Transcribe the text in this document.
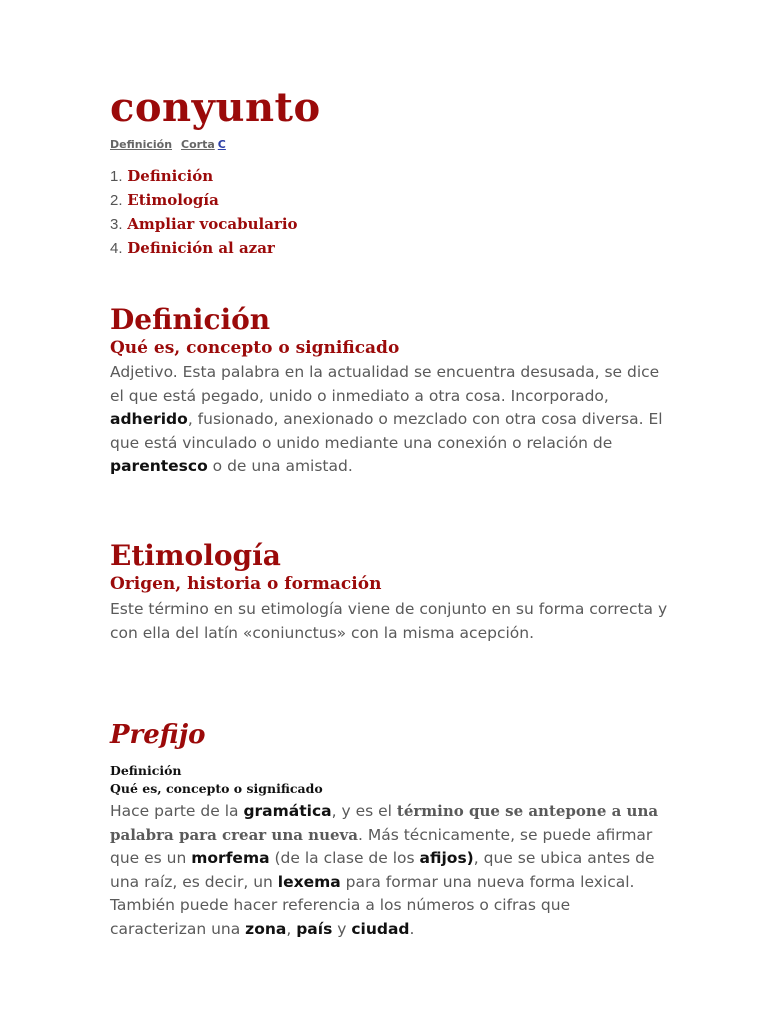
conyunto
Definición Corta C
1. Definición
2. Etimología
3. Ampliar vocabulario
4. Definición al azar
Definición
Qué es, concepto o significado

Adjetivo. Esta palabra en la actualidad se encuentra desusada, se dice el que está pegado, unido o inmediato a otra cosa. Incorporado, adherido, fusionado, anexionado o mezclado con otra cosa diversa. El que está vinculado o unido mediante una conexión o relación de parentesco o de una amistad.

Etimología
Origen, historia o formación

Este término en su etimología viene de conjunto en su forma correcta y con ella del latín «coniunctus» con la misma acepción.

Prefijo
Definición
Qué es, concepto o significado

Hace parte de la gramática, y es el término que se antepone a una palabra para crear una nueva. Más técnicamente, se puede afirmar que es un morfema (de la clase de los afijos), que se ubica antes de una raíz, es decir, un lexema para formar una nueva forma lexical. También puede hacer referencia a los números o cifras que caracterizan una zona, país y ciudad.
